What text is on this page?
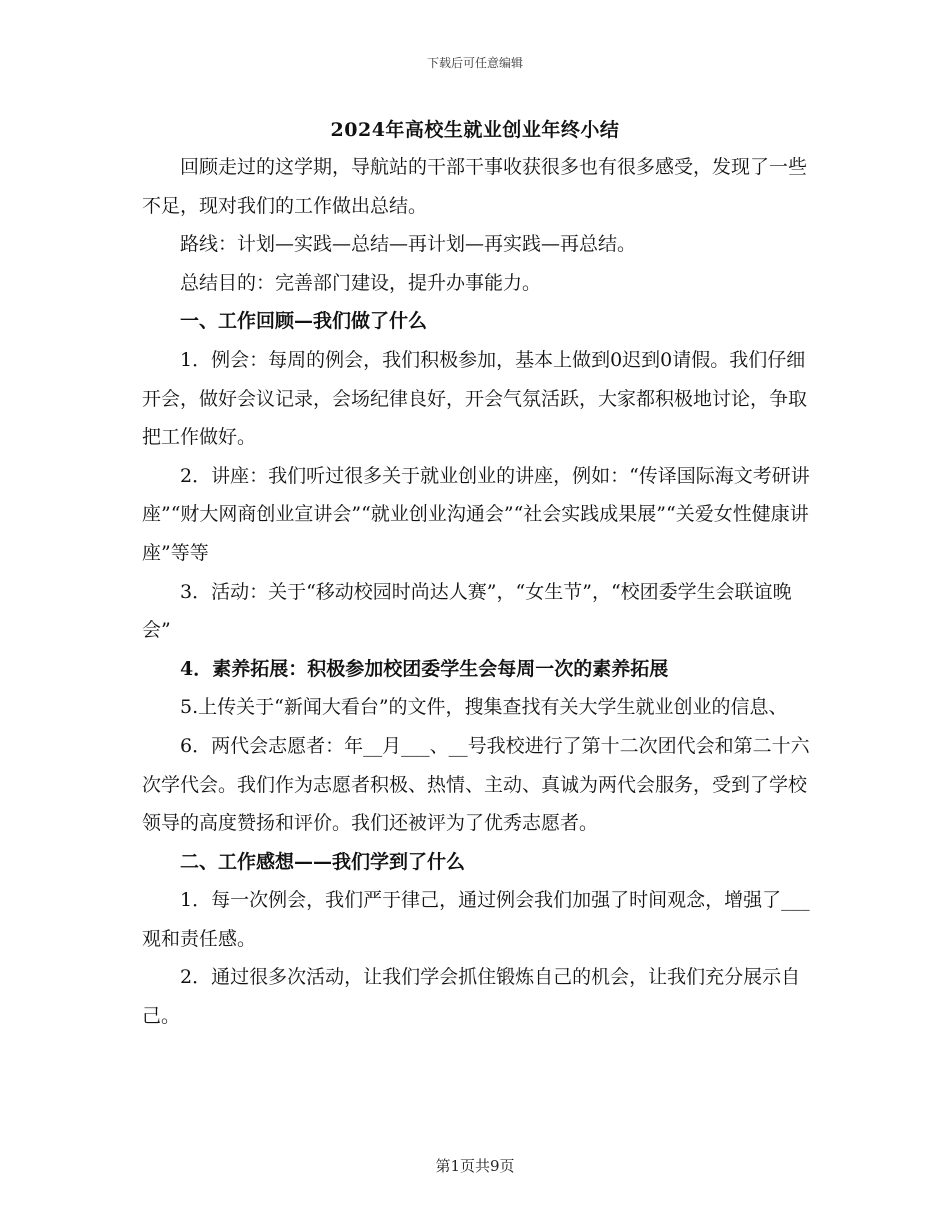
下载后可任意编辑
2024年高校生就业创业年终小结

回顾走过的这学期，导航站的干部干事收获很多也有很多感受，发现了一些不足，现对我们的工作做出总结。

路线：计划—实践—总结—再计划—再实践—再总结。

总结目的：完善部门建设，提升办事能力。

一、工作回顾—我们做了什么

1．例会：每周的例会，我们积极参加，基本上做到0迟到0请假。我们仔细开会，做好会议记录，会场纪律良好，开会气氛活跃，大家都积极地讨论，争取把工作做好。

2．讲座：我们听过很多关于就业创业的讲座，例如：“传译国际海文考研讲座”“财大网商创业宣讲会”“就业创业沟通会”“社会实践成果展”“关爱女性健康讲座”等等

3．活动：关于“移动校园时尚达人赛”，“女生节”，“校团委学生会联谊晚会”

4．素养拓展：积极参加校团委学生会每周一次的素养拓展

5.上传关于“新闻大看台”的文件，搜集查找有关大学生就业创业的信息、

6．两代会志愿者：年__月___、__号我校进行了第十二次团代会和第二十六次学代会。我们作为志愿者积极、热情、主动、真诚为两代会服务，受到了学校领导的高度赞扬和评价。我们还被评为了优秀志愿者。

二、工作感想——我们学到了什么

1．每一次例会，我们严于律己，通过例会我们加强了时间观念，增强了___观和责任感。

2．通过很多次活动，让我们学会抓住锻炼自己的机会，让我们充分展示自己。

第1页共9页
